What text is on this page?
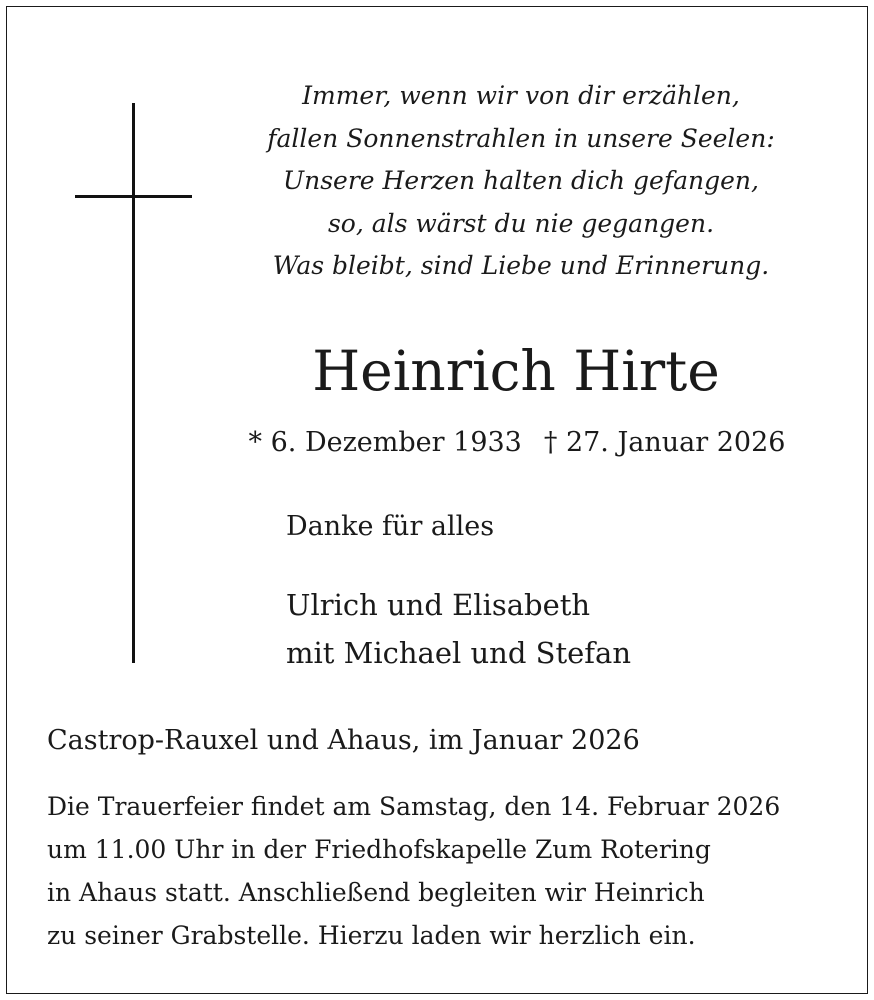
Immer, wenn wir von dir erzählen,
fallen Sonnenstrahlen in unsere Seelen:
Unsere Herzen halten dich gefangen,
so, als wärst du nie gegangen.
Was bleibt, sind Liebe und Erinnerung.
Heinrich Hirte
* 6. Dezember 1933 † 27. Januar 2026
Danke für alles
Ulrich und Elisabeth
mit Michael und Stefan
Castrop-Rauxel und Ahaus, im Januar 2026
Die Trauerfeier findet am Samstag, den 14. Februar 2026
um 11.00 Uhr in der Friedhofskapelle Zum Rotering
in Ahaus statt. Anschließend begleiten wir Heinrich
zu seiner Grabstelle. Hierzu laden wir herzlich ein.
